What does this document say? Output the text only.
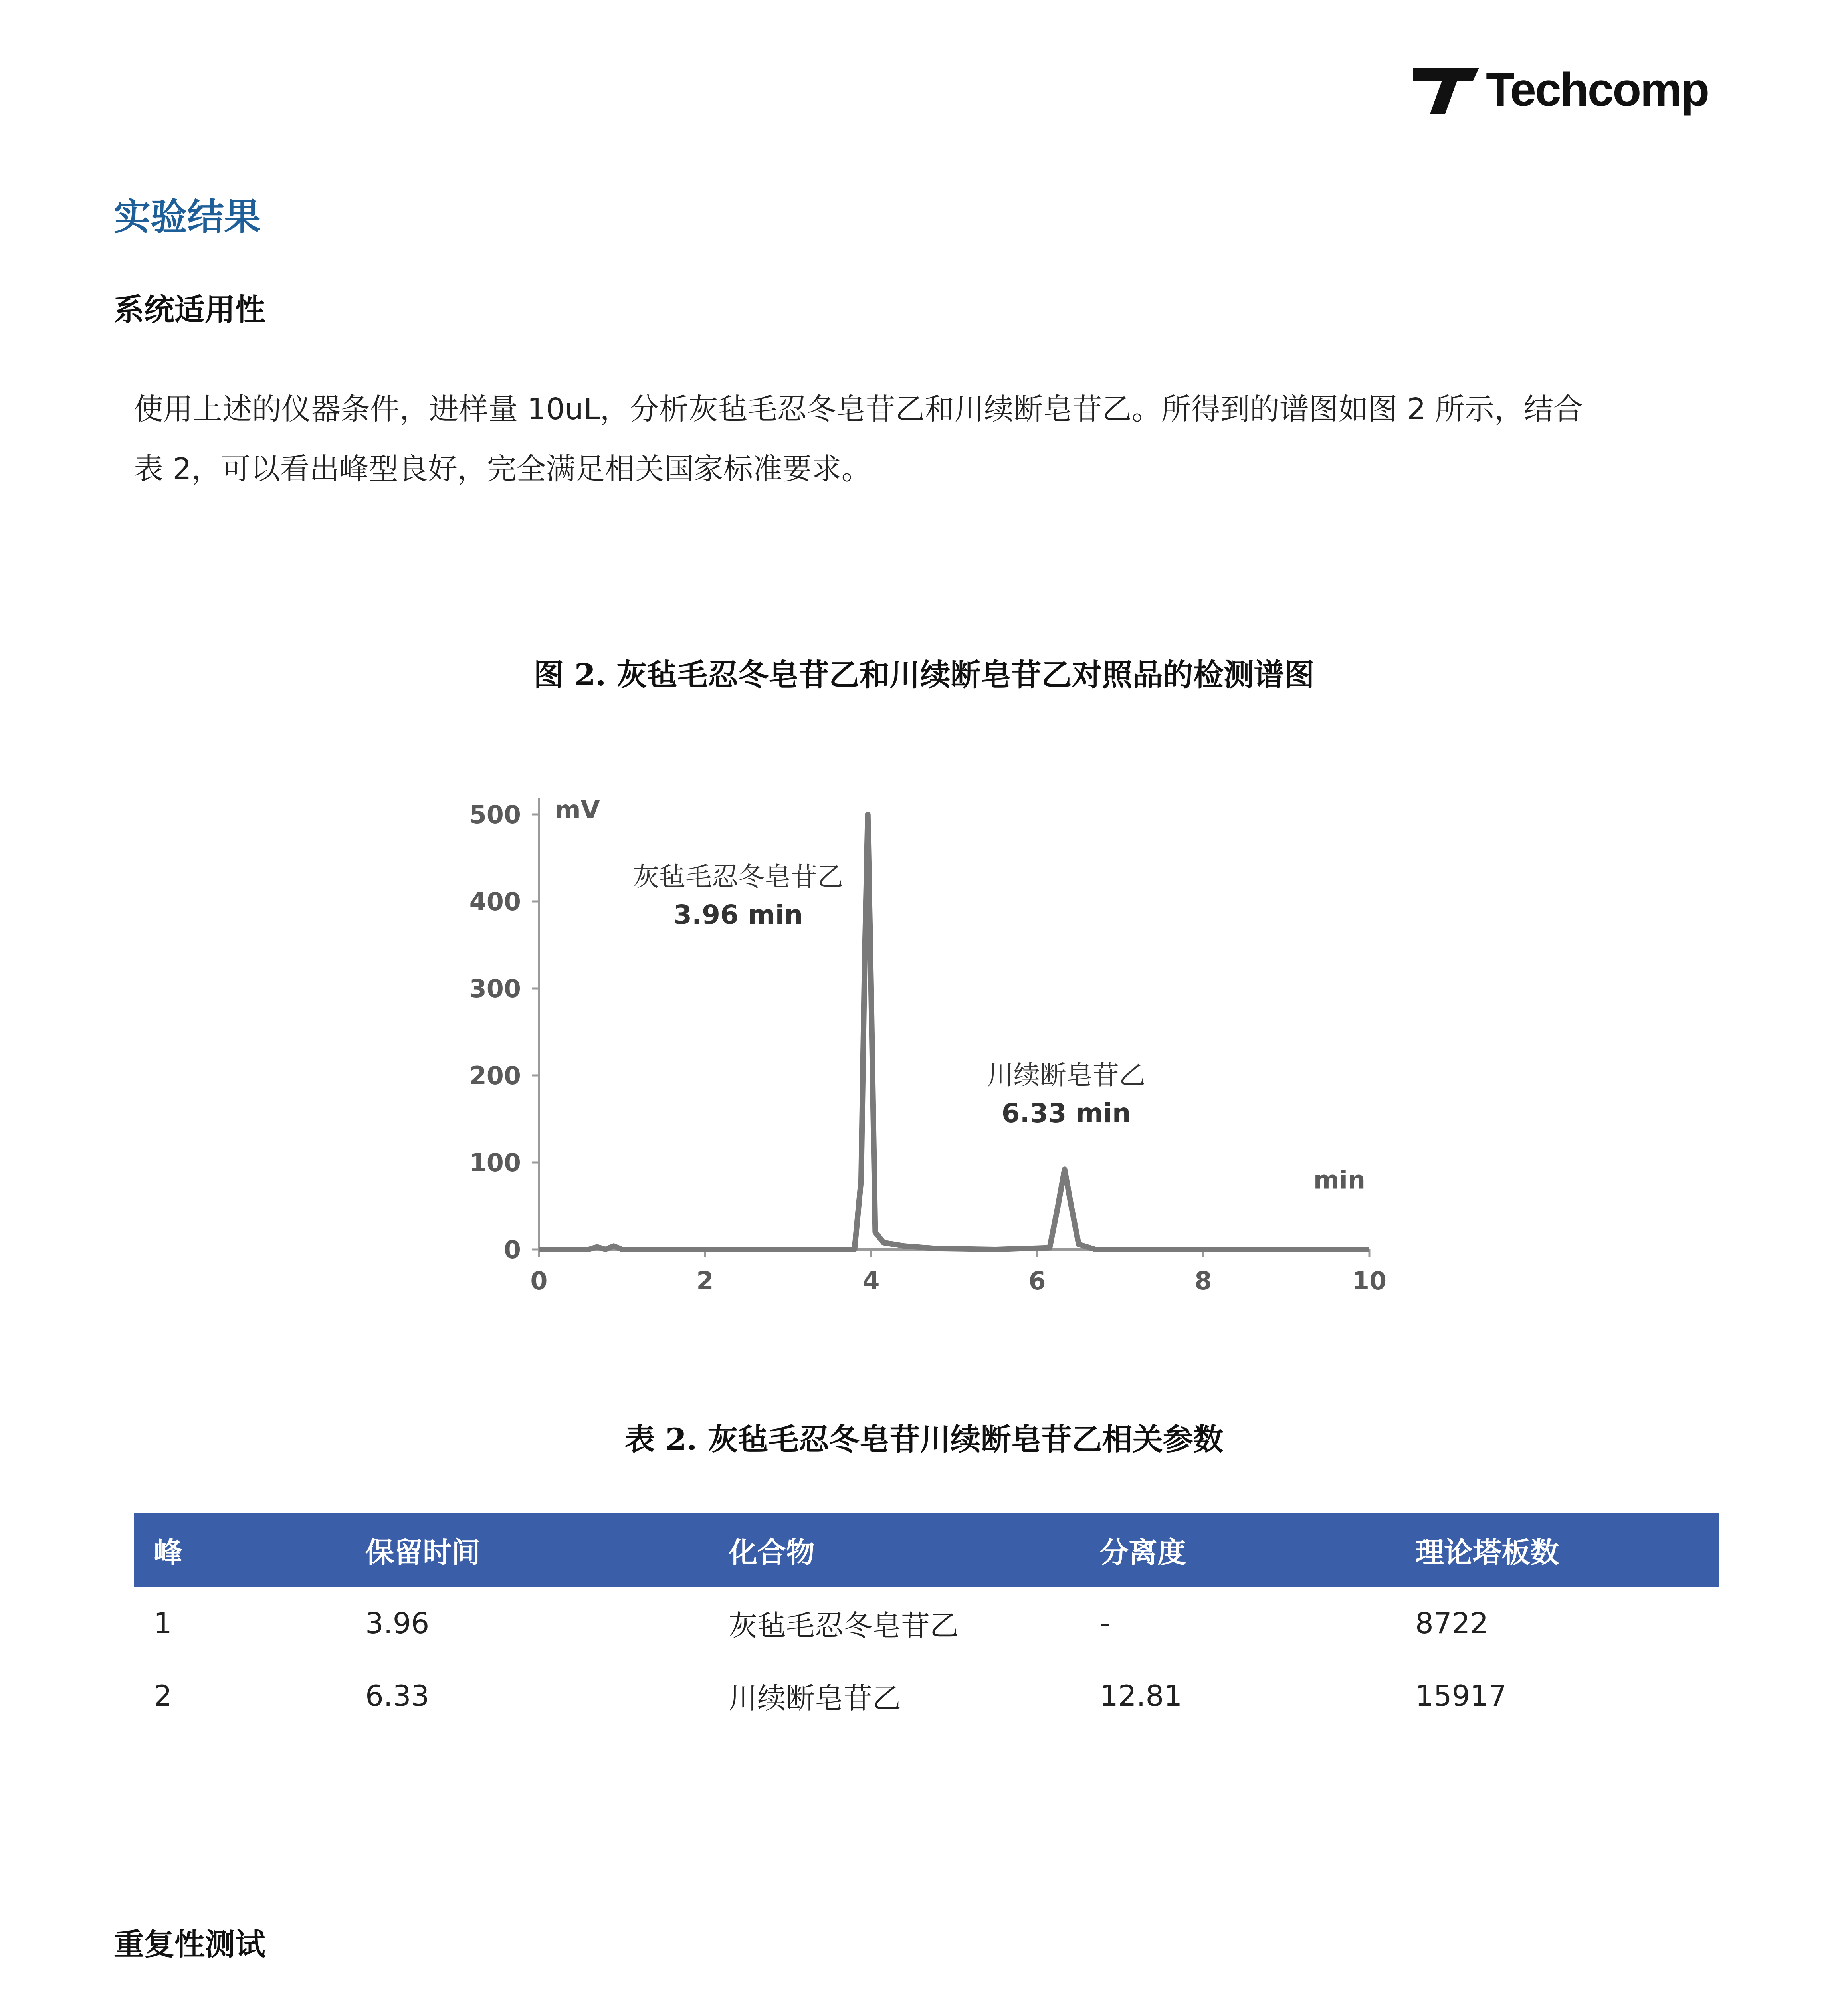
Techcomp
实验结果
系统适用性

使用上述的仪器条件，进样量 10uL，分析灰毡毛忍冬皂苷乙和川续断皂苷乙。所得到的谱图如图 2 所示，结合

表 2，可以看出峰型良好，完全满足相关国家标准要求。

图 2. 灰毡毛忍冬皂苷乙和川续断皂苷乙对照品的检测谱图
0
100
200
300
400
500
0	2	4	6	8	10
mV
min
灰毡毛忍冬皂苷乙
3.96 min
川续断皂苷乙
6.33 min
表 2. 灰毡毛忍冬皂苷川续断皂苷乙相关参数
峰	保留时间	化合物	分离度	理论塔板数
1	3.96	灰毡毛忍冬皂苷乙	-	8722
2	6.33	川续断皂苷乙	12.81	15917
重复性测试
